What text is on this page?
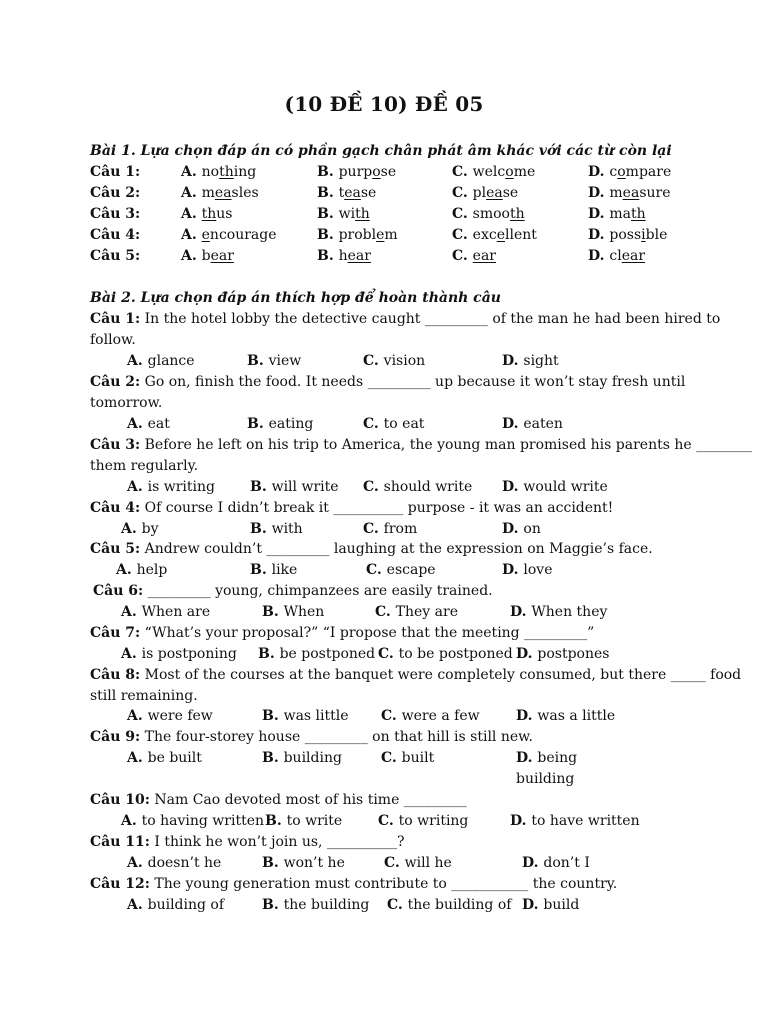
(10 ĐỀ 10) ĐỀ 05
Bài 1. Lựa chọn đáp án có phần gạch chân phát âm khác với các từ còn lại
Câu 1:	A. nothing	B. purpose	C. welcome	D. compare
Câu 2:	A. measles	B. tease	C. please	D. measure
Câu 3:	A. thus	B. with	C. smooth	D. math
Câu 4:	A. encourage	B. problem	C. excellent	D. possible
Câu 5:	A. bear	B. hear	C. ear	D. clear
Bài 2. Lựa chọn đáp án thích hợp để hoàn thành câu
Câu 1: In the hotel lobby the detective caught _________ of the man he had been hired to
follow.
A. glance	B. view	C. vision	D. sight
Câu 2: Go on, finish the food. It needs _________ up because it won’t stay fresh until
tomorrow.
A. eat	B. eating	C. to eat	D. eaten
Câu 3: Before he left on his trip to America, the young man promised his parents he ________
them regularly.
A. is writing	B. will write C. should write D. would write
Câu 4: Of course I didn’t break it __________ purpose - it was an accident!
A. by	B. with	C. from	D. on
Câu 5: Andrew couldn’t _________ laughing at the expression on Maggie’s face.
A. help	B. like	C. escape	D. love
Câu 6: _________ young, chimpanzees are easily trained.
A. When are	B. When	C. They are	D. When they
Câu 7: “What’s your proposal?” “I propose that the meeting _________”
A. is postponing B. be postponed C. to be postponed D. postpones
Câu 8: Most of the courses at the banquet were completely consumed, but there _____ food
still remaining.
A. were few	B. was little C. were a few	D. was a little
Câu 9: The four-storey house _________ on that hill is still new.
A. be built	B. building	C. built	D. being
building
Câu 10: Nam Cao devoted most of his time _________
A. to having written B. to write	C. to writing	D. to have written
Câu 11: I think he won’t join us, __________?
A. doesn’t he	B. won’t he	C. will he	D. don’t I
Câu 12: The young generation must contribute to ___________ the country.
A. building of	B. the building C. the building of D. build
